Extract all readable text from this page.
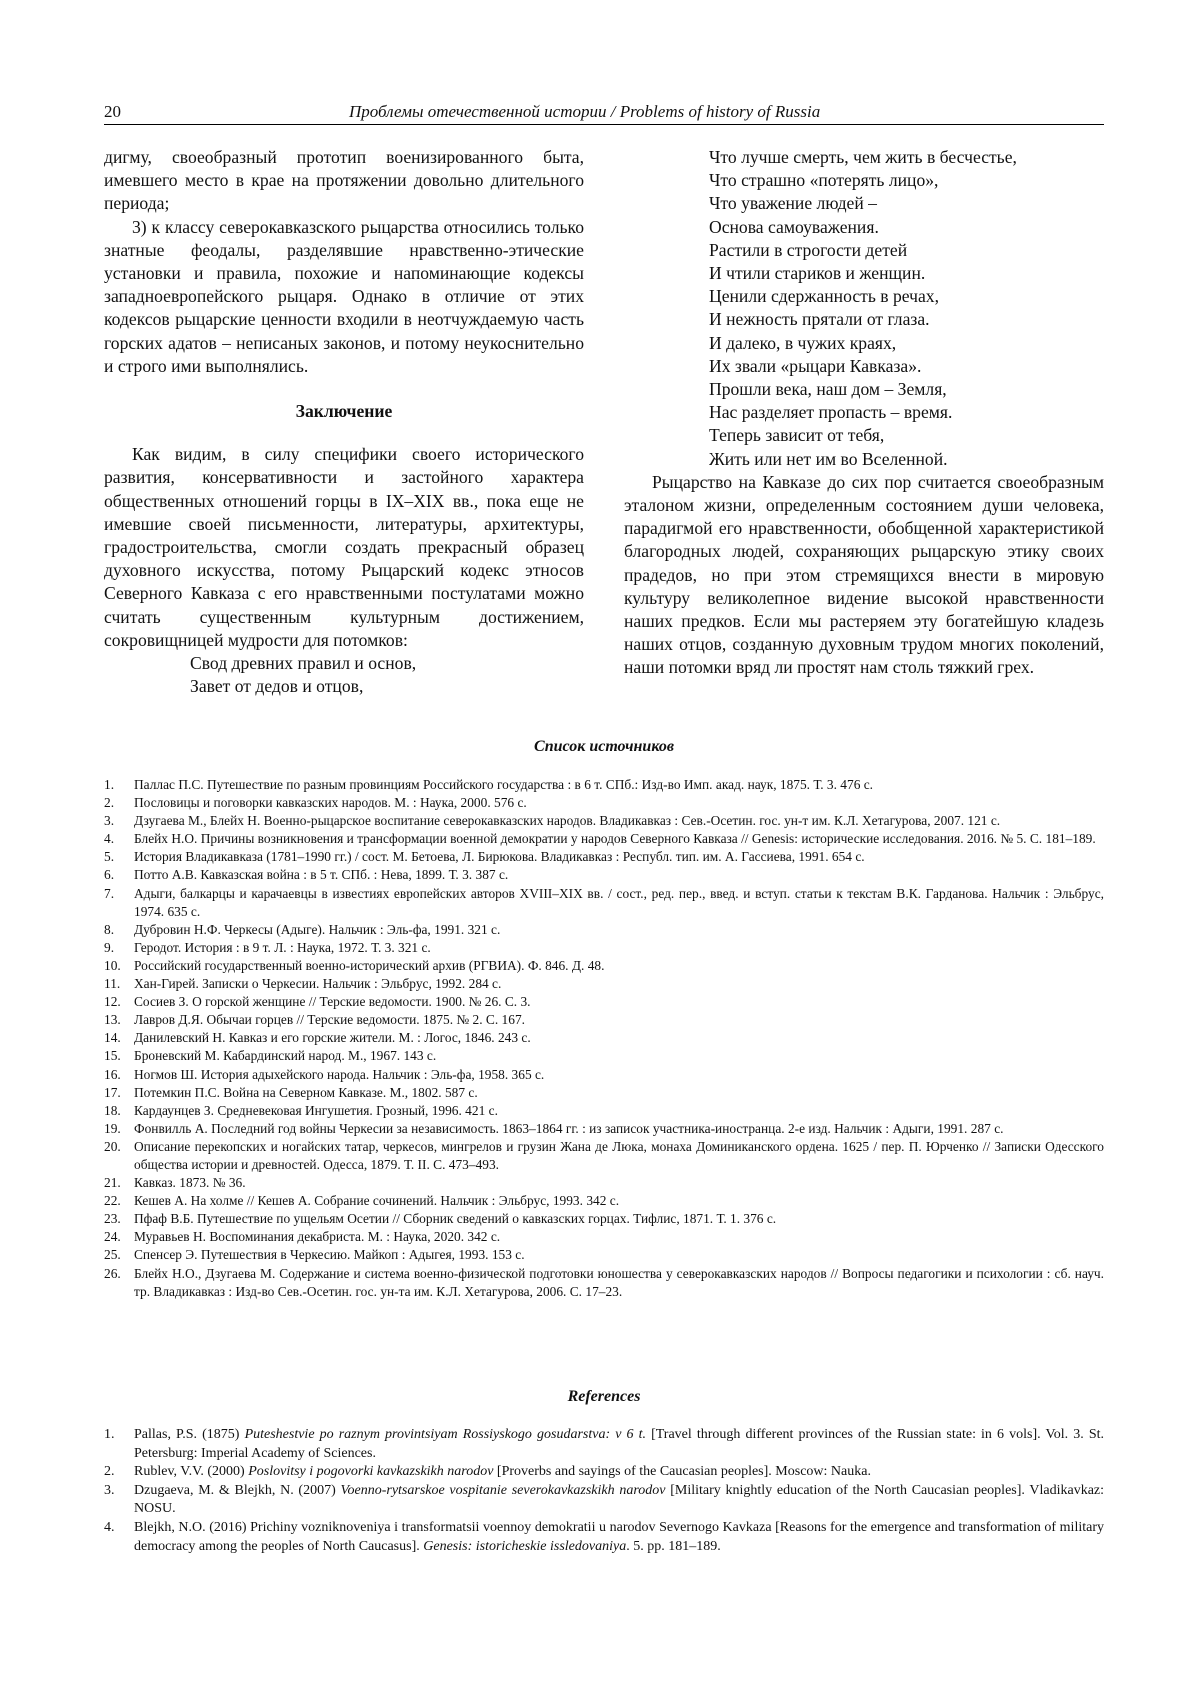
20	Проблемы отечественной истории / Problems of history of Russia

дигму, своеобразный прототип военизированного быта, имевшего место в крае на протяжении довольно длительного периода;

3) к классу северокавказского рыцарства относились только знатные феодалы, разделявшие нравственно-этические установки и правила, похожие и напоминающие кодексы западноевропейского рыцаря. Однако в отличие от этих кодексов рыцарские ценности входили в неотчуждаемую часть горских адатов – неписаных законов, и потому неукоснительно и строго ими выполнялись.

Заключение

Как видим, в силу специфики своего исторического развития, консервативности и застойного характера общественных отношений горцы в IX–XIX вв., пока еще не имевшие своей письменности, литературы, архитектуры, градостроительства, смогли создать прекрасный образец духовного искусства, потому Рыцарский кодекс этносов Северного Кавказа с его нравственными постулатами можно считать существенным культурным достижением, сокровищницей мудрости для потомков:

Свод древних правил и основ,
Завет от дедов и отцов,
Что лучше смерть, чем жить в бесчестье,
Что страшно «потерять лицо»,
Что уважение людей –
Основа самоуважения.
Растили в строгости детей
И чтили стариков и женщин.
Ценили сдержанность в речах,
И нежность прятали от глаза.
И далеко, в чужих краях,
Их звали «рыцари Кавказа».
Прошли века, наш дом – Земля,
Нас разделяет пропасть – время.
Теперь зависит от тебя,
Жить или нет им во Вселенной.

Рыцарство на Кавказе до сих пор считается своеобразным эталоном жизни, определенным состоянием души человека, парадигмой его нравственности, обобщенной характеристикой благородных людей, сохраняющих рыцарскую этику своих прадедов, но при этом стремящихся внести в мировую культуру великолепное видение высокой нравственности наших предков. Если мы растеряем эту богатейшую кладезь наших отцов, созданную духовным трудом многих поколений, наши потомки вряд ли простят нам столь тяжкий грех.

Список источников
1. Паллас П.С. Путешествие по разным провинциям Российского государства : в 6 т. СПб.: Изд-во Имп. акад. наук, 1875. Т. 3. 476 с.
2. Пословицы и поговорки кавказских народов. М. : Наука, 2000. 576 с.
3. Дзугаева М., Блейх Н. Военно-рыцарское воспитание северокавказских народов. Владикавказ : Сев.-Осетин. гос. ун-т им. К.Л. Хетагурова, 2007. 121 с.
4. Блейх Н.О. Причины возникновения и трансформации военной демократии у народов Северного Кавказа // Genesis: исторические исследования. 2016. № 5. С. 181–189.
5. История Владикавказа (1781–1990 гг.) / сост. М. Бетоева, Л. Бирюкова. Владикавказ : Республ. тип. им. А. Гассиева, 1991. 654 с.
6. Потто А.В. Кавказская война : в 5 т. СПб. : Нева, 1899. Т. 3. 387 с.
7. Адыги, балкарцы и карачаевцы в известиях европейских авторов XVIII–XIX вв. / сост., ред. пер., введ. и вступ. статьи к текстам В.К. Гарданова. Нальчик : Эльбрус, 1974. 635 с.
8. Дубровин Н.Ф. Черкесы (Адыге). Нальчик : Эль-фа, 1991. 321 с.
9. Геродот. История : в 9 т. Л. : Наука, 1972. Т. 3. 321 с.
10. Российский государственный военно-исторический архив (РГВИА). Ф. 846. Д. 48.
11. Хан-Гирей. Записки о Черкесии. Нальчик : Эльбрус, 1992. 284 с.
12. Сосиев З. О горской женщине // Терские ведомости. 1900. № 26. С. 3.
13. Лавров Д.Я. Обычаи горцев // Терские ведомости. 1875. № 2. С. 167.
14. Данилевский Н. Кавказ и его горские жители. М. : Логос, 1846. 243 с.
15. Броневский М. Кабардинский народ. М., 1967. 143 с.
16. Ногмов Ш. История адыхейского народа. Нальчик : Эль-фа, 1958. 365 с.
17. Потемкин П.С. Война на Северном Кавказе. М., 1802. 587 с.
18. Кардаунцев З. Средневековая Ингушетия. Грозный, 1996. 421 с.
19. Фонвилль А. Последний год войны Черкесии за независимость. 1863–1864 гг. : из записок участника-иностранца. 2-е изд. Нальчик : Адыги, 1991. 287 с.
20. Описание перекопских и ногайских татар, черкесов, мингрелов и грузин Жана де Люка, монаха Доминиканского ордена. 1625 / пер. П. Юрченко // Записки Одесского общества истории и древностей. Одесса, 1879. Т. II. С. 473–493.
21. Кавказ. 1873. № 36.
22. Кешев А. На холме // Кешев А. Собрание сочинений. Нальчик : Эльбрус, 1993. 342 с.
23. Пфаф В.Б. Путешествие по ущельям Осетии // Сборник сведений о кавказских горцах. Тифлис, 1871. Т. 1. 376 с.
24. Муравьев Н. Воспоминания декабриста. М. : Наука, 2020. 342 с.
25. Спенсер Э. Путешествия в Черкесию. Майкоп : Адыгея, 1993. 153 с.
26. Блейх Н.О., Дзугаева М. Содержание и система военно-физической подготовки юношества у северокавказских народов // Вопросы педагогики и психологии : сб. науч. тр. Владикавказ : Изд-во Сев.-Осетин. гос. ун-та им. К.Л. Хетагурова, 2006. С. 17–23.
References
1. Pallas, P.S. (1875) Puteshestvie po raznym provintsiyam Rossiyskogo gosudarstva: v 6 t. [Travel through different provinces of the Russian state: in 6 vols]. Vol. 3. St. Petersburg: Imperial Academy of Sciences.
2. Rublev, V.V. (2000) Poslovitsy i pogovorki kavkazskikh narodov [Proverbs and sayings of the Caucasian peoples]. Moscow: Nauka.
3. Dzugaeva, M. & Blejkh, N. (2007) Voenno-rytsarskoe vospitanie severokavkazskikh narodov [Military knightly education of the North Caucasian peoples]. Vladikavkaz: NOSU.
4. Blejkh, N.O. (2016) Prichiny vozniknoveniya i transformatsii voennoy demokratii u narodov Severnogo Kavkaza [Reasons for the emergence and transformation of military democracy among the peoples of North Caucasus]. Genesis: istoricheskie issledovaniya. 5. pp. 181–189.
